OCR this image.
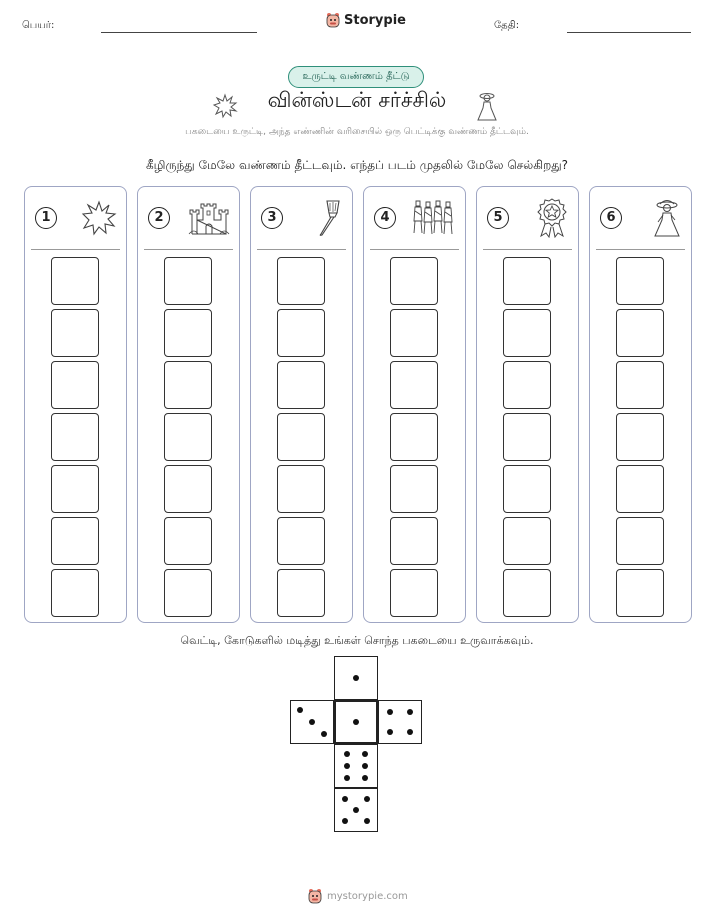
பெயர்:	Storypie	தேதி:
உருட்டி வண்ணம் தீட்டு
வின்ஸ்டன் சர்ச்சில்
பகடையை உருட்டி, அந்த எண்ணின் வரிசையில் ஒரு பெட்டிக்கு வண்ணம் தீட்டவும்.
கீழிருந்து மேலே வண்ணம் தீட்டவும். எந்தப் படம் முதலில் மேலே செல்கிறது?
1	2	3	4	5	6
வெட்டி, கோடுகளில் மடித்து உங்கள் சொந்த பகடையை உருவாக்கவும்.
mystorypie.com
